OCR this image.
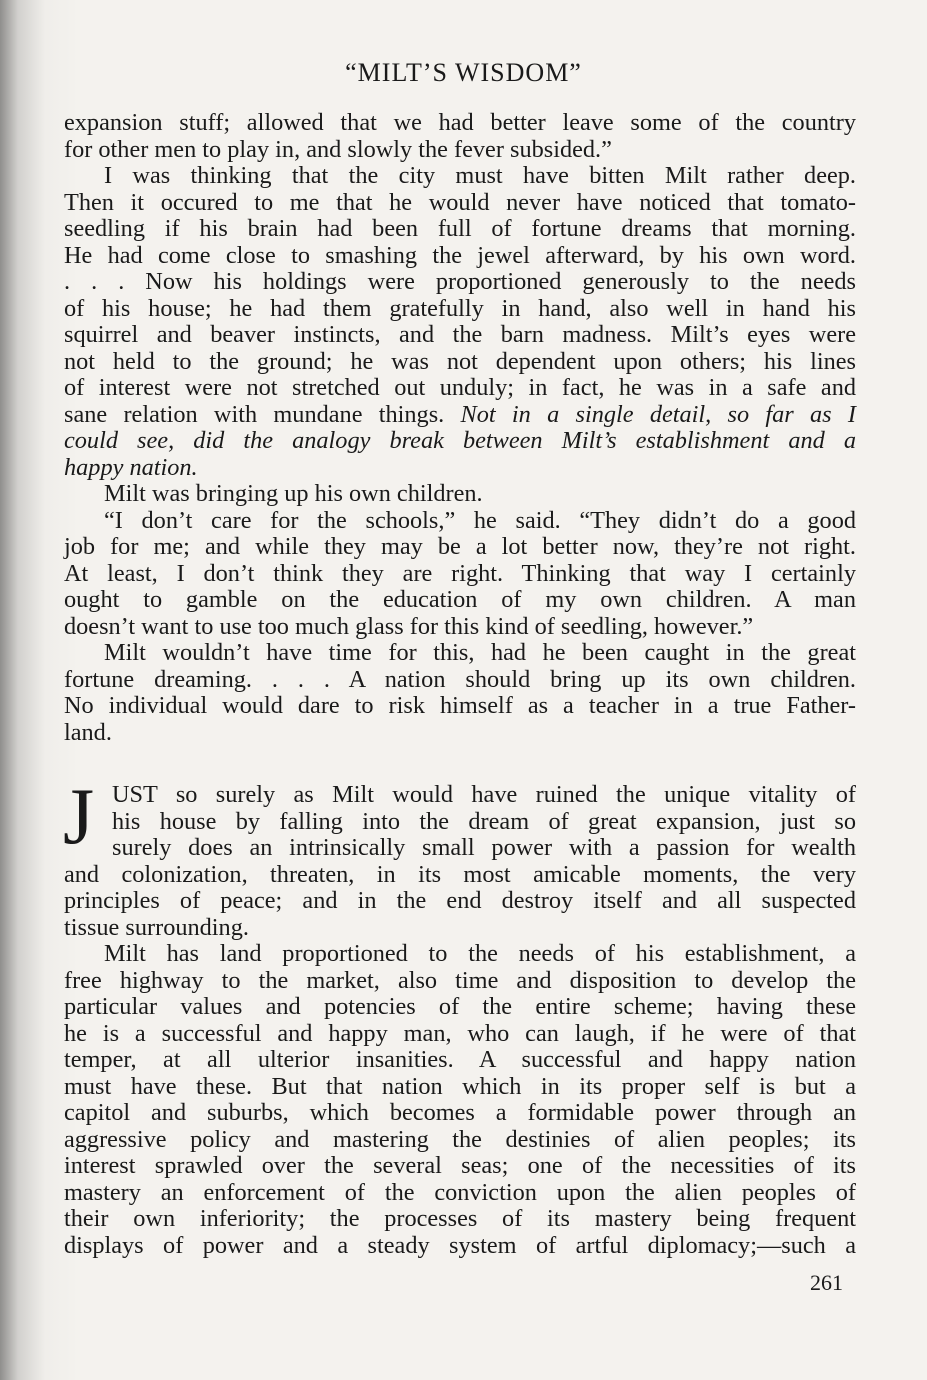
“MILT’S WISDOM”
expansion stuff; allowed that we had better leave some of the country
for other men to play in, and slowly the fever subsided.”
I was thinking that the city must have bitten Milt rather deep.
Then it occured to me that he would never have noticed that tomato-
seedling if his brain had been full of fortune dreams that morning.
He had come close to smashing the jewel afterward, by his own word.
. . . Now his holdings were proportioned generously to the needs
of his house; he had them gratefully in hand, also well in hand his
squirrel and beaver instincts, and the barn madness. Milt’s eyes were
not held to the ground; he was not dependent upon others; his lines
of interest were not stretched out unduly; in fact, he was in a safe and
sane relation with mundane things. Not in a single detail, so far as I
could see, did the analogy break between Milt’s establishment and a
happy nation.
Milt was bringing up his own children.
“I don’t care for the schools,” he said. “They didn’t do a good
job for me; and while they may be a lot better now, they’re not right.
At least, I don’t think they are right. Thinking that way I certainly
ought to gamble on the education of my own children. A man
doesn’t want to use too much glass for this kind of seedling, however.”
Milt wouldn’t have time for this, had he been caught in the great
fortune dreaming. . . . A nation should bring up its own children.
No individual would dare to risk himself as a teacher in a true Father-
land.
J UST so surely as Milt would have ruined the unique vitality of
his house by falling into the dream of great expansion, just so
surely does an intrinsically small power with a passion for wealth
and colonization, threaten, in its most amicable moments, the very
principles of peace; and in the end destroy itself and all suspected
tissue surrounding.
Milt has land proportioned to the needs of his establishment, a
free highway to the market, also time and disposition to develop the
particular values and potencies of the entire scheme; having these
he is a successful and happy man, who can laugh, if he were of that
temper, at all ulterior insanities. A successful and happy nation
must have these. But that nation which in its proper self is but a
capitol and suburbs, which becomes a formidable power through an
aggressive policy and mastering the destinies of alien peoples; its
interest sprawled over the several seas; one of the necessities of its
mastery an enforcement of the conviction upon the alien peoples of
their own inferiority; the processes of its mastery being frequent
displays of power and a steady system of artful diplomacy;—such a
261
